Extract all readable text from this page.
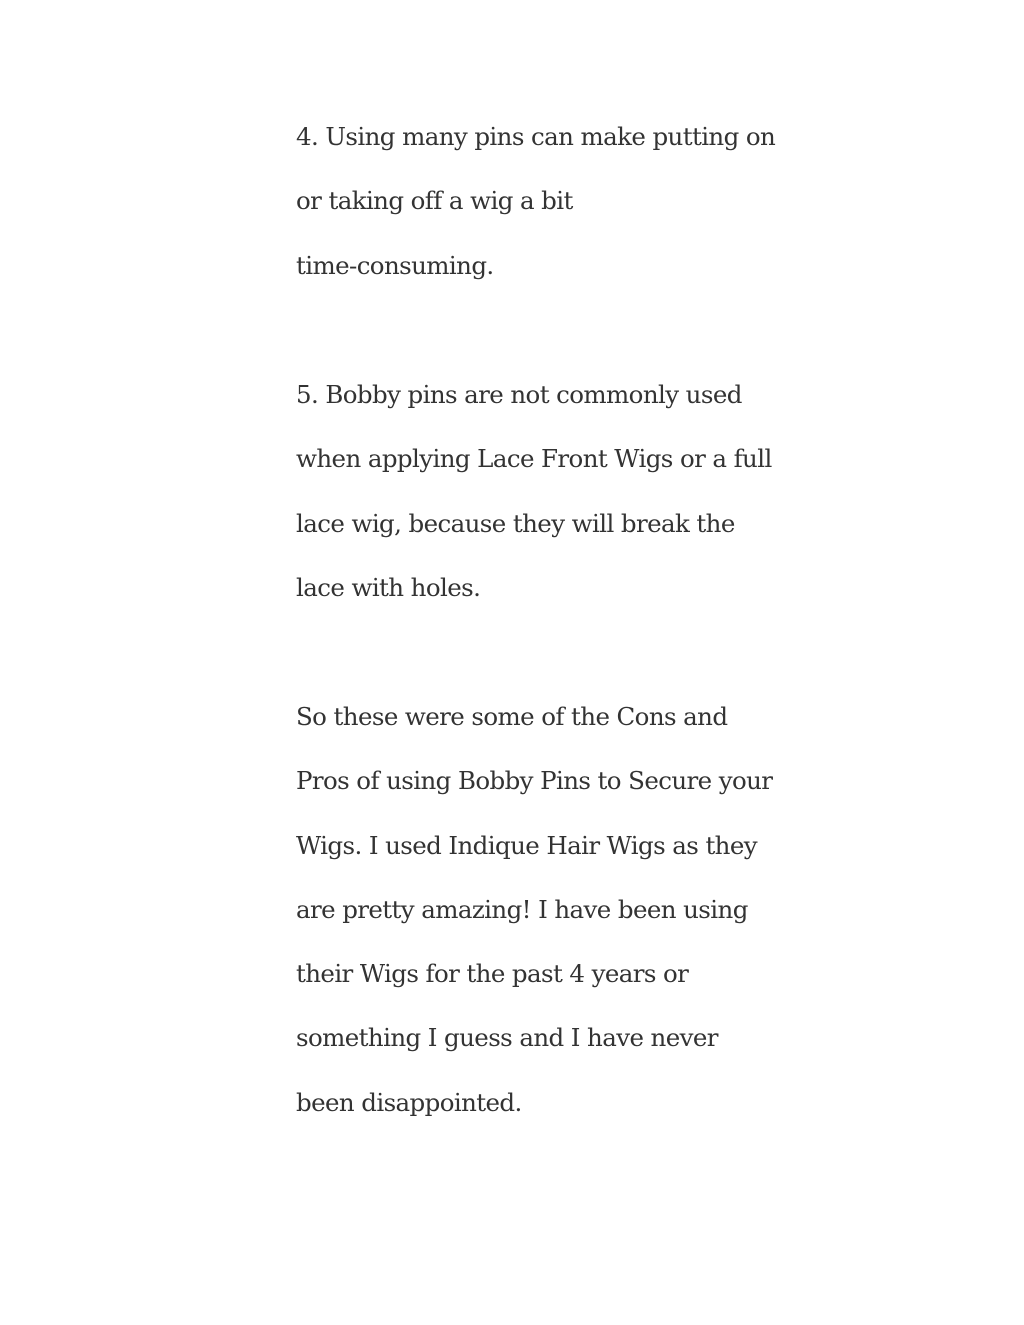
4. Using many pins can make putting on
or taking off a wig a bit
time-consuming.

5. Bobby pins are not commonly used
when applying Lace Front Wigs or a full
lace wig, because they will break the
lace with holes.

So these were some of the Cons and
Pros of using Bobby Pins to Secure your
Wigs. I used Indique Hair Wigs as they
are pretty amazing! I have been using
their Wigs for the past 4 years or
something I guess and I have never
been disappointed.
